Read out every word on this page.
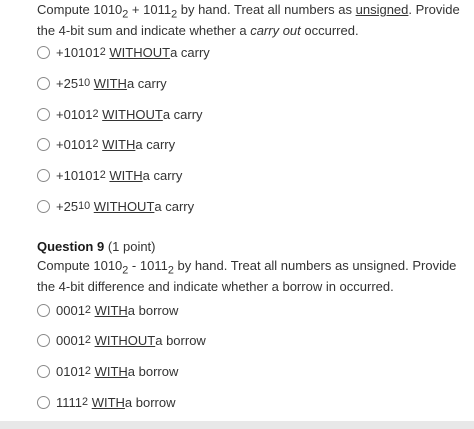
Compute $1010_2 + 1011_2$ by hand. Treat all numbers as unsigned. Provide the 4-bit sum and indicate whether a carry out occurred.
+10101 2
WITHOUT a carry
+25 10
WITH a carry
+0101 2
WITHOUT a carry
+0101 2
WITH a carry
+10101 2
WITH a carry
+25 10
WITHOUT a carry
Question 9 (1 point)
Compute $1010_2 - 1011_2$ by hand. Treat all numbers as unsigned. Provide the 4-bit difference and indicate whether a borrow in occurred.
0001 2
WITH a borrow
0001 2
WITHOUT a borrow
0101 2
WITH a borrow
1111 2
WITH a borrow
